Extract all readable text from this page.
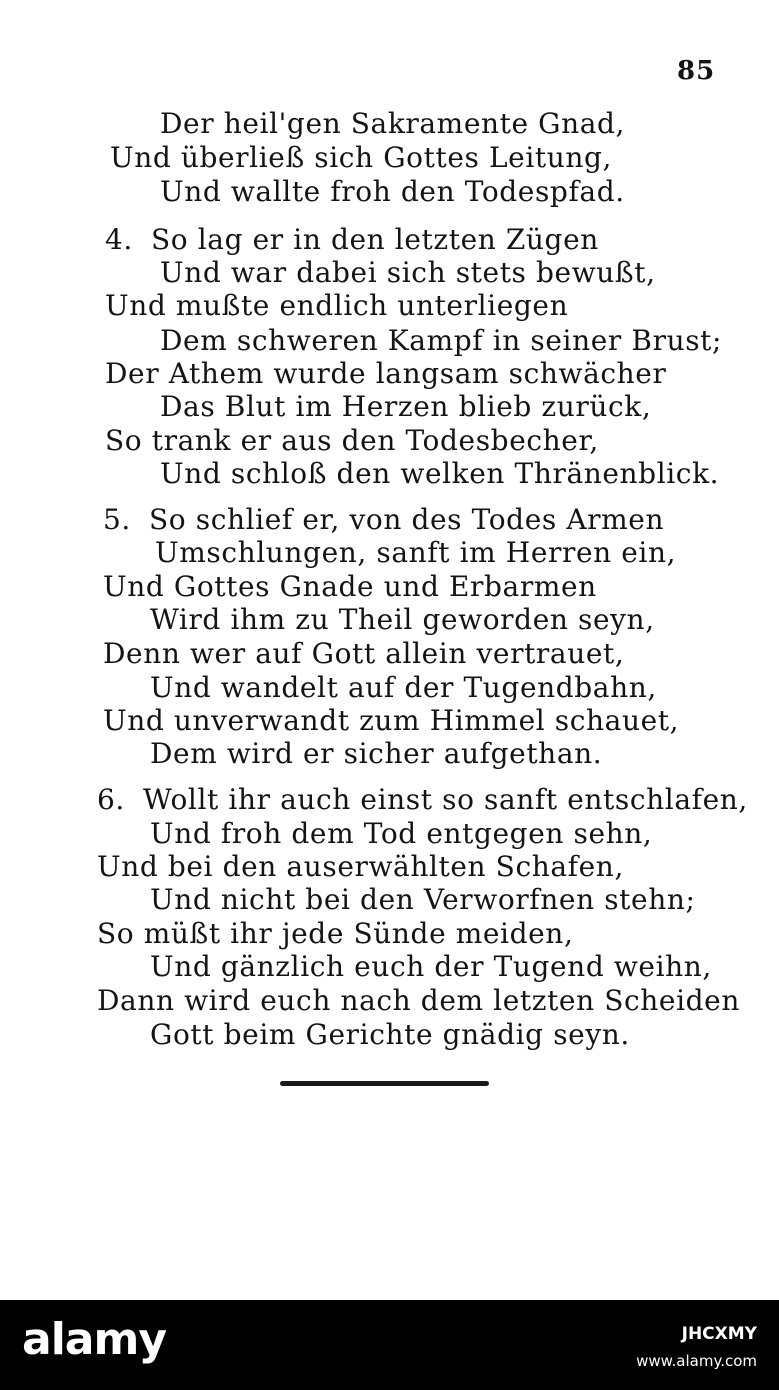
85
Der heil'gen Sakramente Gnad,
Und überließ sich Gottes Leitung,
Und wallte froh den Todespfad.
4. So lag er in den letzten Zügen
Und war dabei sich stets bewußt,
Und mußte endlich unterliegen
Dem schweren Kampf in seiner Brust;
Der Athem wurde langsam schwächer
Das Blut im Herzen blieb zurück,
So trank er aus den Todesbecher,
Und schloß den welken Thränenblick.
5. So schlief er, von des Todes Armen
Umschlungen, sanft im Herren ein,
Und Gottes Gnade und Erbarmen
Wird ihm zu Theil geworden seyn,
Denn wer auf Gott allein vertrauet,
Und wandelt auf der Tugendbahn,
Und unverwandt zum Himmel schauet,
Dem wird er sicher aufgethan.
6. Wollt ihr auch einst so sanft entschlafen,
Und froh dem Tod entgegen sehn,
Und bei den auserwählten Schafen,
Und nicht bei den Verworfnen stehn;
So müßt ihr jede Sünde meiden,
Und gänzlich euch der Tugend weihn,
Dann wird euch nach dem letzten Scheiden
Gott beim Gerichte gnädig seyn.
alamy	JHCXMY
www.alamy.com
